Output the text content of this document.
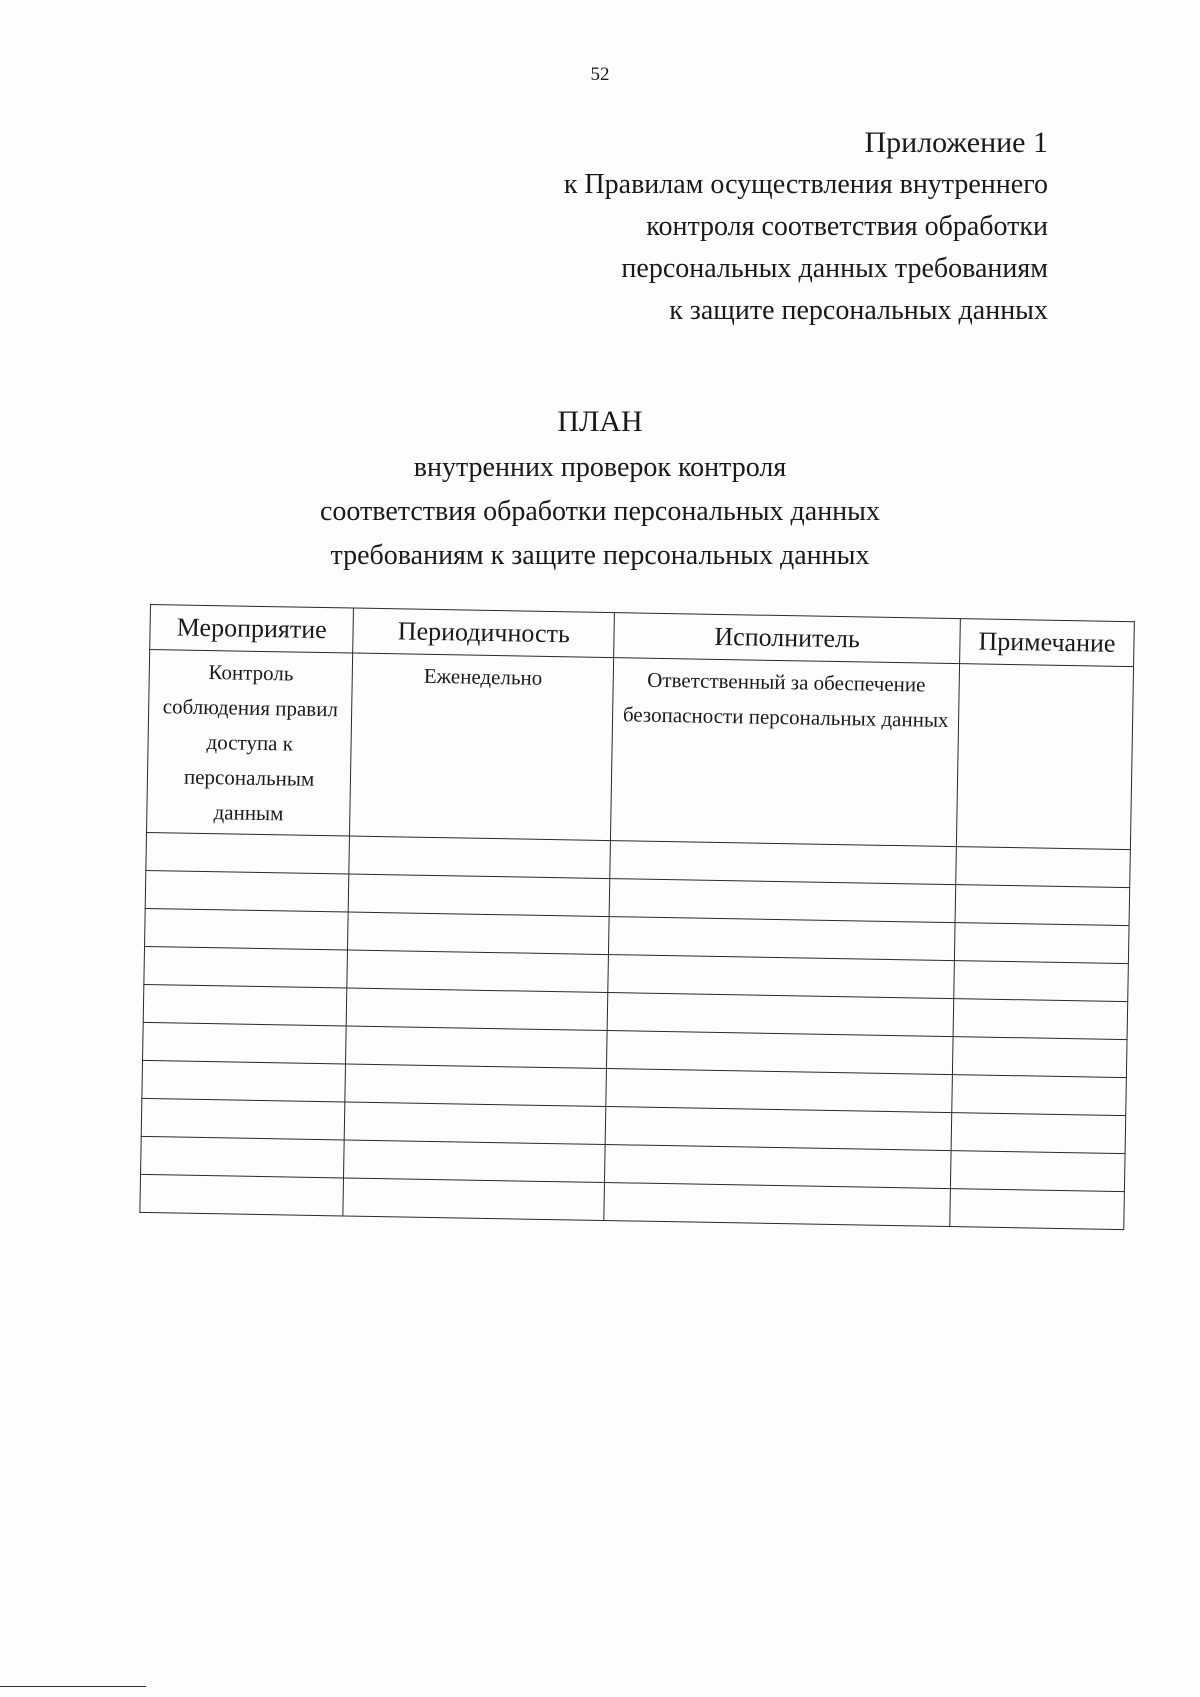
52
Приложение 1
к Правилам осуществления внутреннего
контроля соответствия обработки
персональных данных требованиям
к защите персональных данных
ПЛАН
внутренних проверок контроля
соответствия обработки персональных данных
требованиям к защите персональных данных
Мероприятие	Периодичность	Исполнитель	Примечание
Контроль соблюдения правил доступа к персональным данным	Еженедельно	Ответственный за обеспечение безопасности персональных данных	
